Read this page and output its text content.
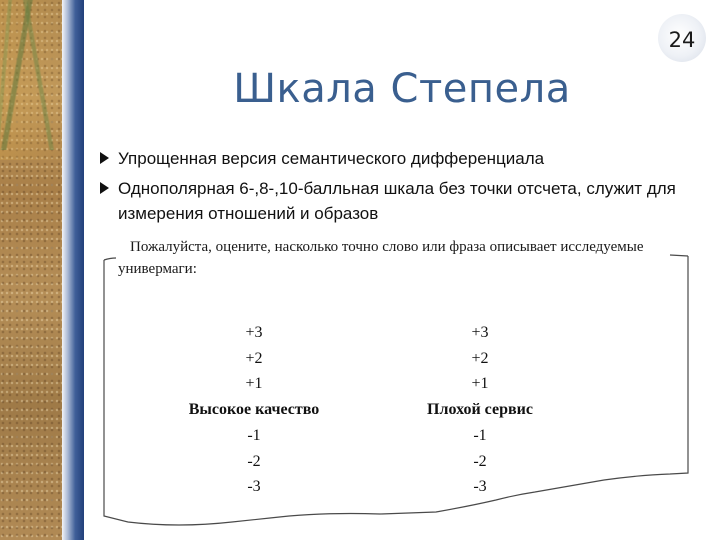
24
Шкала Степела
Упрощенная версия семантического дифференциала
Однополярная 6-,8-,10-балльная шкала без точки отсчета, служит для измерения отношений и образов

Пожалуйста, оцените, насколько точно слово или фраза описывает исследуемые универмаги:

+3
+2
+1
Высокое качество
-1
-2
-3
+3
+2
+1
Плохой сервис
-1
-2
-3
